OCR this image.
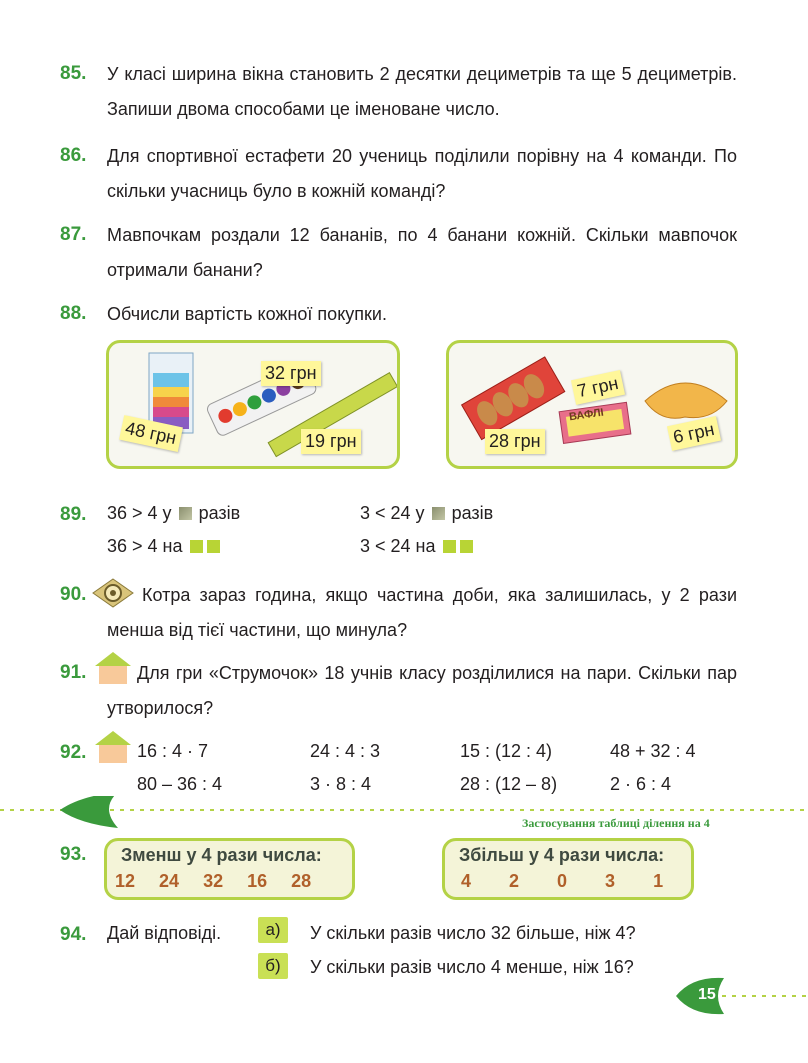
85. У класі ширина вікна становить 2 десятки дециметрів та ще 5 дециметрів. Запиши двома способами це іменоване число.
86. Для спортивної естафети 20 учениць поділили порівну на 4 команди. По скільки учасниць було в кожній команді?
87. Мавпочкам роздали 12 бананів, по 4 банани кожній. Скільки мавпочок отримали банани?
88. Обчисли вартість кожної покупки.
32 грн
48 грн	19 грн
ВАФЛІ
7 грн
28 грн	6 грн
89. 36 > 4 у разів	3 < 24 у разів
36 > 4 на	3 < 24 на
90.	Котра зараз година, якщо частина доби, яка залишилась, у 2 рази менша від тієї частини, що минула?
91.	Для гри «Струмочок» 18 учнів класу розділилися на пари. Скільки пар утворилося?
92.	16 : 4 · 7	24 : 4 : 3	15 : (12 : 4)	48 + 32 : 4
80 – 36 : 4	3 · 8 : 4	28 : (12 – 8)	2 · 6 : 4
Застосування таблиці ділення на 4
93. Зменш у 4 рази числа:
12 24 32 16 28
Збільш у 4 рази числа:
4 2 0 3 1
94. Дай відповіді.	а)	У скільки разів число 32 більше, ніж 4?
б)	У скільки разів число 4 менше, ніж 16?
15
